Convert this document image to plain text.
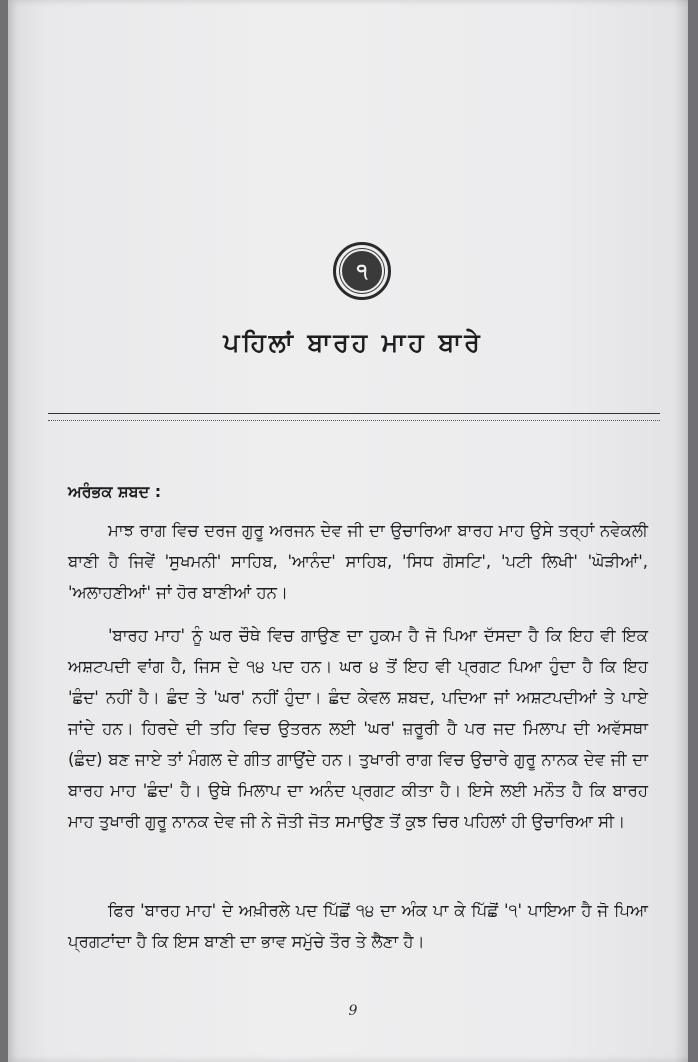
੧
ਪਹਿਲਾਂ ਬਾਰਹ ਮਾਹ ਬਾਰੇ
ਅਰੰਭਕ ਸ਼ਬਦ :

ਮਾਝ ਰਾਗ ਵਿਚ ਦਰਜ ਗੁਰੂ ਅਰਜਨ ਦੇਵ ਜੀ ਦਾ ਉਚਾਰਿਆ ਬਾਰਹ ਮਾਹ ਉਸੇ ਤਰ੍ਹਾਂ ਨਵੇਕਲੀ ਬਾਣੀ ਹੈ ਜਿਵੇਂ 'ਸੁਖਮਨੀ' ਸਾਹਿਬ, 'ਆਨੰਦ' ਸਾਹਿਬ, 'ਸਿਧ ਗੋਸਟਿ', 'ਪਟੀ ਲਿਖੀ' 'ਘੋੜੀਆਂ', 'ਅਲਾਹਣੀਆਂ' ਜਾਂ ਹੋਰ ਬਾਣੀਆਂ ਹਨ।

'ਬਾਰਹ ਮਾਹ' ਨੂੰ ਘਰ ਚੌਥੇ ਵਿਚ ਗਾਉਣ ਦਾ ਹੁਕਮ ਹੈ ਜੋ ਪਿਆ ਦੱਸਦਾ ਹੈ ਕਿ ਇਹ ਵੀ ਇਕ ਅਸ਼ਟਪਦੀ ਵਾਂਗ ਹੈ, ਜਿਸ ਦੇ ੧੪ ਪਦ ਹਨ। ਘਰ ੪ ਤੋਂ ਇਹ ਵੀ ਪ੍ਰਗਟ ਪਿਆ ਹੁੰਦਾ ਹੈ ਕਿ ਇਹ 'ਛੰਦ' ਨਹੀਂ ਹੈ। ਛੰਦ ਤੇ 'ਘਰ' ਨਹੀਂ ਹੁੰਦਾ। ਛੰਦ ਕੇਵਲ ਸ਼ਬਦ, ਪਦਿਆ ਜਾਂ ਅਸ਼ਟਪਦੀਆਂ ਤੇ ਪਾਏ ਜਾਂਦੇ ਹਨ। ਹਿਰਦੇ ਦੀ ਤਹਿ ਵਿਚ ਉਤਰਨ ਲਈ 'ਘਰ' ਜ਼ਰੂਰੀ ਹੈ ਪਰ ਜਦ ਮਿਲਾਪ ਦੀ ਅਵੱਸਥਾ (ਛੰਦ) ਬਣ ਜਾਏ ਤਾਂ ਮੰਗਲ ਦੇ ਗੀਤ ਗਾਉਂਦੇ ਹਨ। ਤੁਖਾਰੀ ਰਾਗ ਵਿਚ ਉਚਾਰੇ ਗੁਰੂ ਨਾਨਕ ਦੇਵ ਜੀ ਦਾ ਬਾਰਹ ਮਾਹ 'ਛੰਦ' ਹੈ। ਉਥੇ ਮਿਲਾਪ ਦਾ ਅਨੰਦ ਪ੍ਰਗਟ ਕੀਤਾ ਹੈ। ਇਸੇ ਲਈ ਮਨੌਤ ਹੈ ਕਿ ਬਾਰਹ ਮਾਹ ਤੁਖਾਰੀ ਗੁਰੂ ਨਾਨਕ ਦੇਵ ਜੀ ਨੇ ਜੋਤੀ ਜੋਤ ਸਮਾਉਣ ਤੋਂ ਕੁਝ ਚਿਰ ਪਹਿਲਾਂ ਹੀ ਉਚਾਰਿਆ ਸੀ।

ਫਿਰ 'ਬਾਰਹ ਮਾਹ' ਦੇ ਅਖ਼ੀਰਲੇ ਪਦ ਪਿੱਛੋਂ ੧੪ ਦਾ ਅੰਕ ਪਾ ਕੇ ਪਿੱਛੋਂ '੧' ਪਾਇਆ ਹੈ ਜੋ ਪਿਆ ਪ੍ਰਗਟਾਂਦਾ ਹੈ ਕਿ ਇਸ ਬਾਣੀ ਦਾ ਭਾਵ ਸਮੁੱਚੇ ਤੌਰ ਤੇ ਲੈਣਾ ਹੈ।

9
